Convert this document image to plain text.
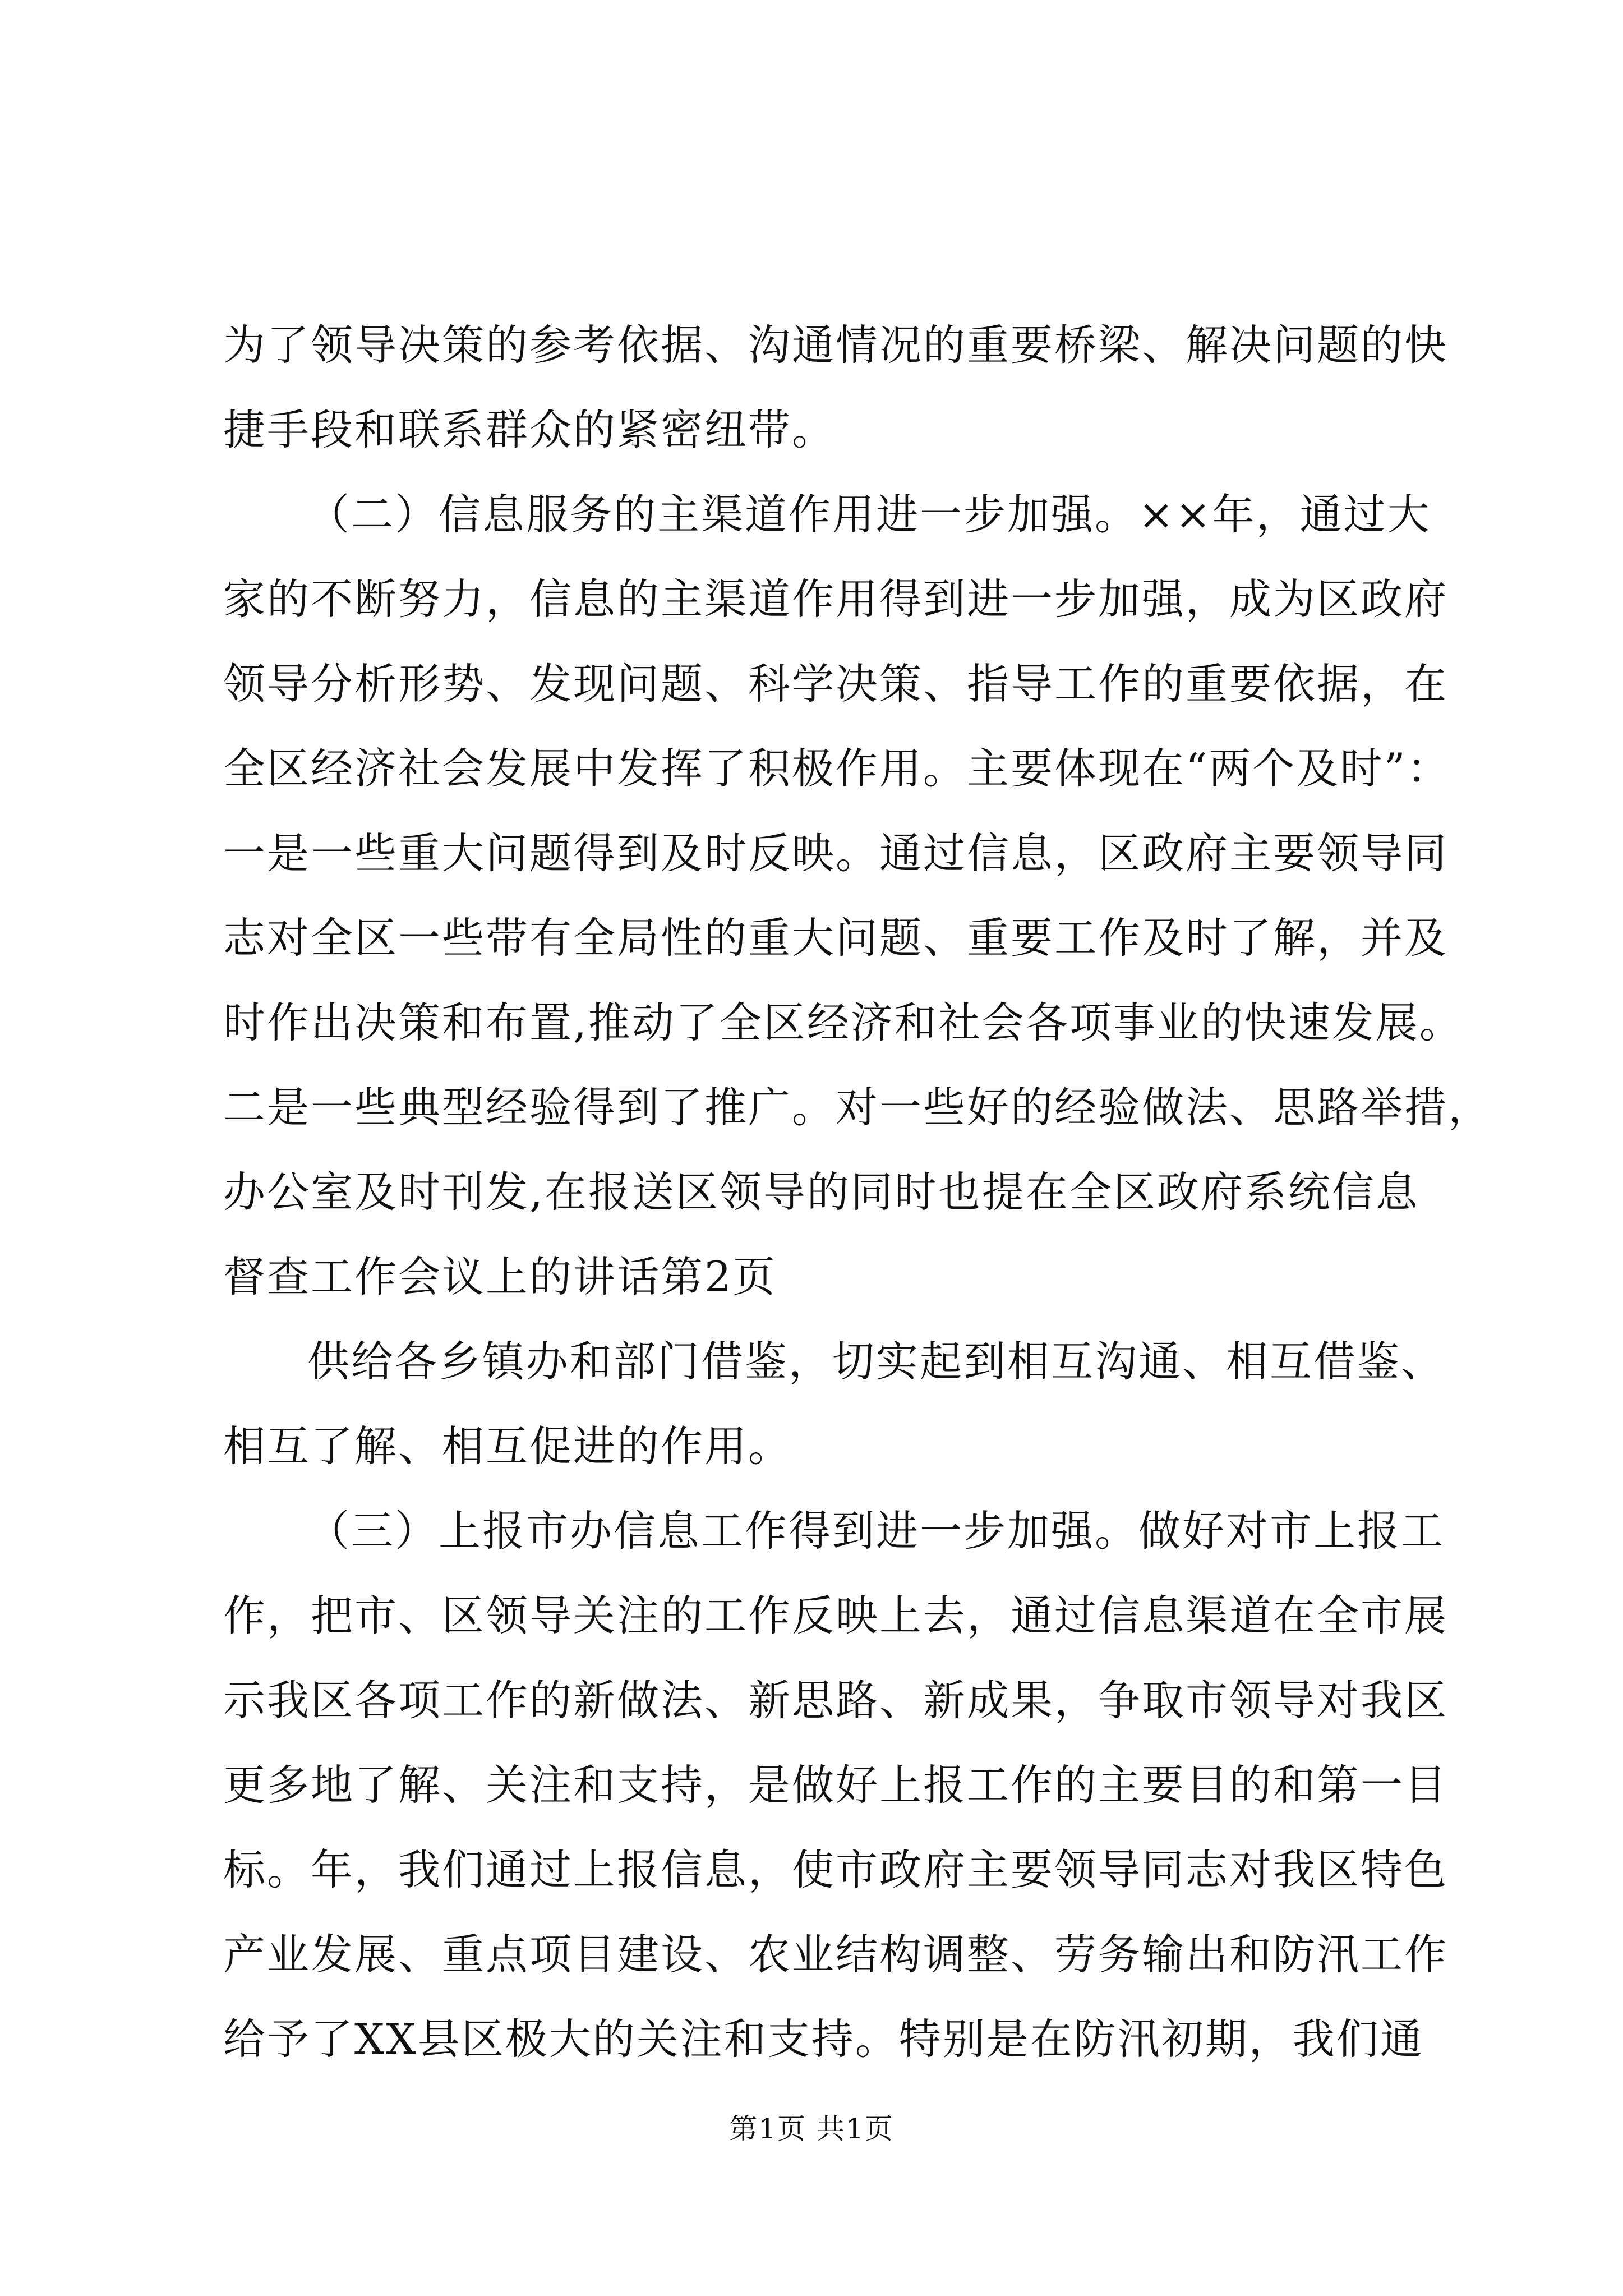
为了领导决策的参考依据、沟通情况的重要桥梁、解决问题的快
捷手段和联系群众的紧密纽带。
（二）信息服务的主渠道作用进一步加强。××年，通过大
家的不断努力，信息的主渠道作用得到进一步加强，成为区政府
领导分析形势、发现问题、科学决策、指导工作的重要依据，在
全区经济社会发展中发挥了积极作用。主要体现在“两个及时”：
一是一些重大问题得到及时反映。通过信息，区政府主要领导同
志对全区一些带有全局性的重大问题、重要工作及时了解，并及
时作出决策和布置,推动了全区经济和社会各项事业的快速发展。
二是一些典型经验得到了推广。对一些好的经验做法、思路举措，
办公室及时刊发,在报送区领导的同时也提在全区政府系统信息
督查工作会议上的讲话第2页
供给各乡镇办和部门借鉴，切实起到相互沟通、相互借鉴、
相互了解、相互促进的作用。
（三）上报市办信息工作得到进一步加强。做好对市上报工
作，把市、区领导关注的工作反映上去，通过信息渠道在全市展
示我区各项工作的新做法、新思路、新成果，争取市领导对我区
更多地了解、关注和支持，是做好上报工作的主要目的和第一目
标。年，我们通过上报信息，使市政府主要领导同志对我区特色
产业发展、重点项目建设、农业结构调整、劳务输出和防汛工作
给予了XX县区极大的关注和支持。特别是在防汛初期，我们通
第1页 共1页
